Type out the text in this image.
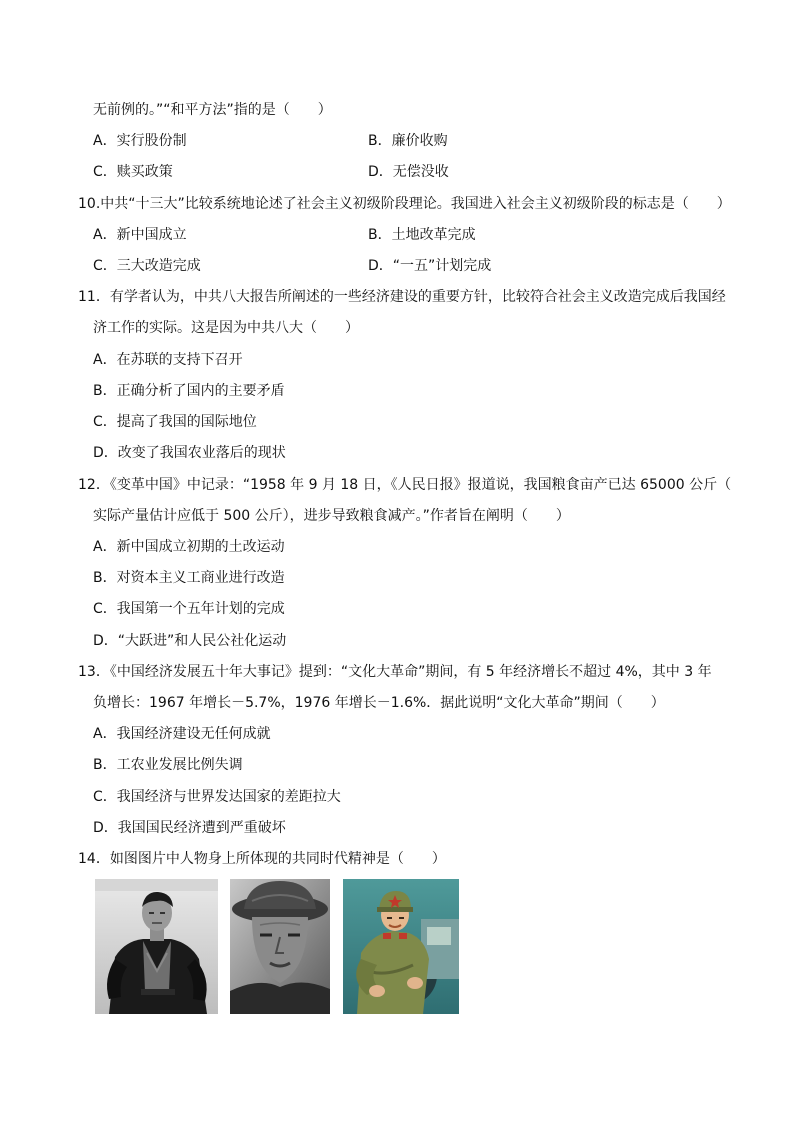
无前例的。”“和平方法”指的是（　　）
A．实行股份制	B．廉价收购
C．赎买政策	D．无偿没收
10.中共“十三大”比较系统地论述了社会主义初级阶段理论。我国进入社会主义初级阶段的标志是（　　）
A．新中国成立	B．土地改革完成
C．三大改造完成	D．“一五”计划完成
11．有学者认为，中共八大报告所阐述的一些经济建设的重要方针，比较符合社会主义改造完成后我国经
济工作的实际。这是因为中共八大（　　）
A．在苏联的支持下召开
B．正确分析了国内的主要矛盾
C．提高了我国的国际地位
D．改变了我国农业落后的现状
12．《变革中国》中记录：“1958 年 9 月 18 日，《人民日报》报道说，我国粮食亩产已达 65000 公斤（
实际产量估计应低于 500 公斤），进步导致粮食减产。”作者旨在阐明（　　）
A．新中国成立初期的土改运动
B．对资本主义工商业进行改造
C．我国第一个五年计划的完成
D．“大跃进”和人民公社化运动
13．《中国经济发展五十年大事记》提到：“文化大革命”期间，有 5 年经济增长不超过 4%，其中 3 年
负增长：1967 年增长－5.7%，1976 年增长－1.6%．据此说明“文化大革命”期间（　　）
A．我国经济建设无任何成就
B．工农业发展比例失调
C．我国经济与世界发达国家的差距拉大
D．我国国民经济遭到严重破坏
14．如图图片中人物身上所体现的共同时代精神是（　　）
